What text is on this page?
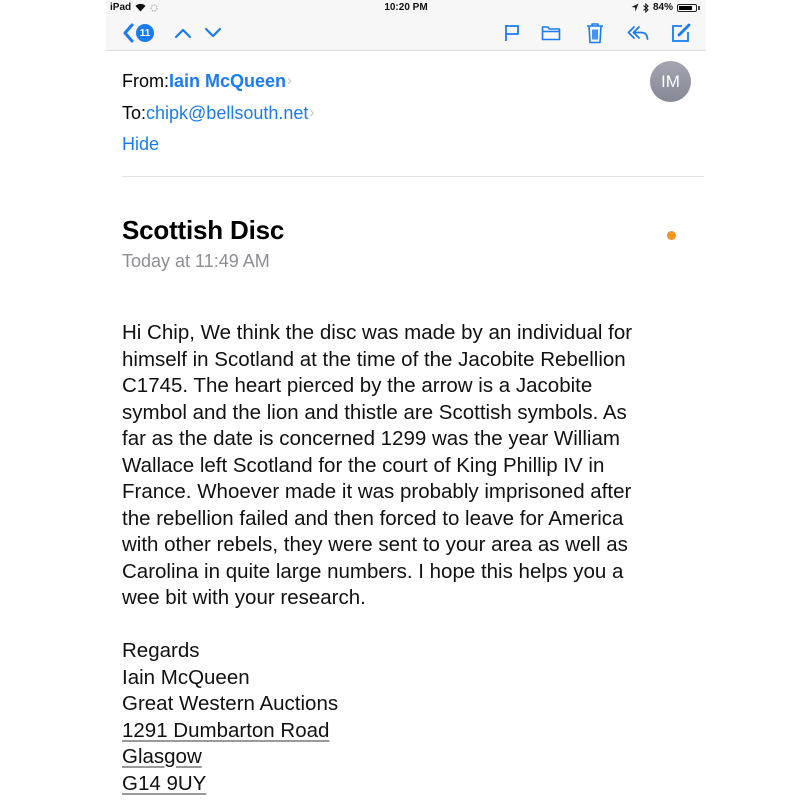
iPad	10:20 PM	84%
11
From: Iain McQueen ›
To: chipk@bellsouth.net ›
Hide
IM
Scottish Disc
Today at 11:49 AM
Hi Chip, We think the disc was made by an individual for
himself in Scotland at the time of the Jacobite Rebellion
C1745. The heart pierced by the arrow is a Jacobite
symbol and the lion and thistle are Scottish symbols. As
far as the date is concerned 1299 was the year William
Wallace left Scotland for the court of King Phillip IV in
France. Whoever made it was probably imprisoned after
the rebellion failed and then forced to leave for America
with other rebels, they were sent to your area as well as
Carolina in quite large numbers. I hope this helps you a
wee bit with your research.
Regards
Iain McQueen
Great Western Auctions
1291 Dumbarton Road
Glasgow
G14 9UY
